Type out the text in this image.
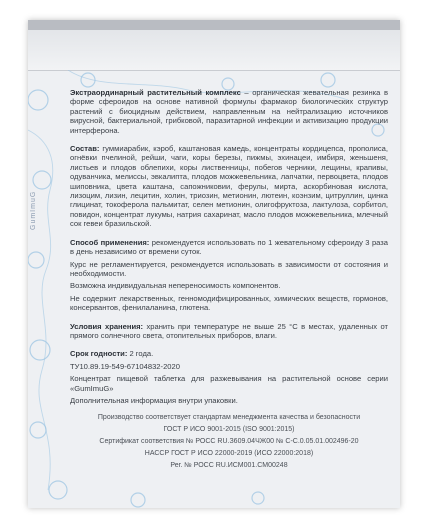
GumImuG

Экстраординарный растительный комплекс – органическая жевательная резинка в форме сфероидов на основе нативной формулы фармакор биологических структур растений с биоцидным действием, направленным на нейтрализацию источников вирусной, бактериальной, грибковой, паразитарной инфекции и активизацию продукции интерферона.

Состав: гуммиарабик, кэроб, каштановая камедь, концентраты кордицепса, прополиса, огнёвки пчелиной, рейши, чаги, коры березы, пижмы, эхинацеи, имбиря, женьшеня, листьев и плодов облепихи, коры лиственницы, побегов черники, лещины, крапивы, одуванчика, мелиссы, эвкалипта, плодов можжевельника, лапчатки, первоцвета, плодов шиповника, цвета каштана, сапожниковии, ферулы, мирта, аскорбиновая кислота, лизоцим, лизин, лецитин, холин, триозин, метионин, лютеин, коэнзим, цитруллин, цинка глицинат, токоферола пальмитат, селен метионин, олигофруктоза, лактулоза, сорбитол, повидон, концентрат лукумы, натрия сахаринат, масло плодов можжевельника, млечный сок гевеи бразильской.

Способ применения: рекомендуется использовать по 1 жевательному сфероиду 3 раза в день независимо от времени суток.

Курс не регламентируется, рекомендуется использовать в зависимости от состояния и необходимости.

Возможна индивидуальная непереносимость компонентов.

Не содержит лекарственных, генномодифицированных, химических веществ, гормонов, консервантов, фенилаланина, глютена.

Условия хранения: хранить при температуре не выше 25 °С в местах, удаленных от прямого солнечного света, отопительных приборов, влаги.

Срок годности: 2 года.

ТУ10.89.19-549-67104832-2020

Концентрат пищевой таблетка для разжевывания на растительной основе серии «GumImuG»

Дополнительная информация внутри упаковки.

Производство соответствует стандартам менеджмента качества и безопасности

ГОСТ Р ИСО 9001-2015 (ISO 9001:2015)

Сертификат соответствия № РОСС RU.З609.04ЧЖ00 № С-С.0.05.01.002496-20

НАССР ГОСТ Р ИСО 22000-2019 (ИСО 22000:2018)

Рег. № РОСС RU.ИСМ001.CM00248
